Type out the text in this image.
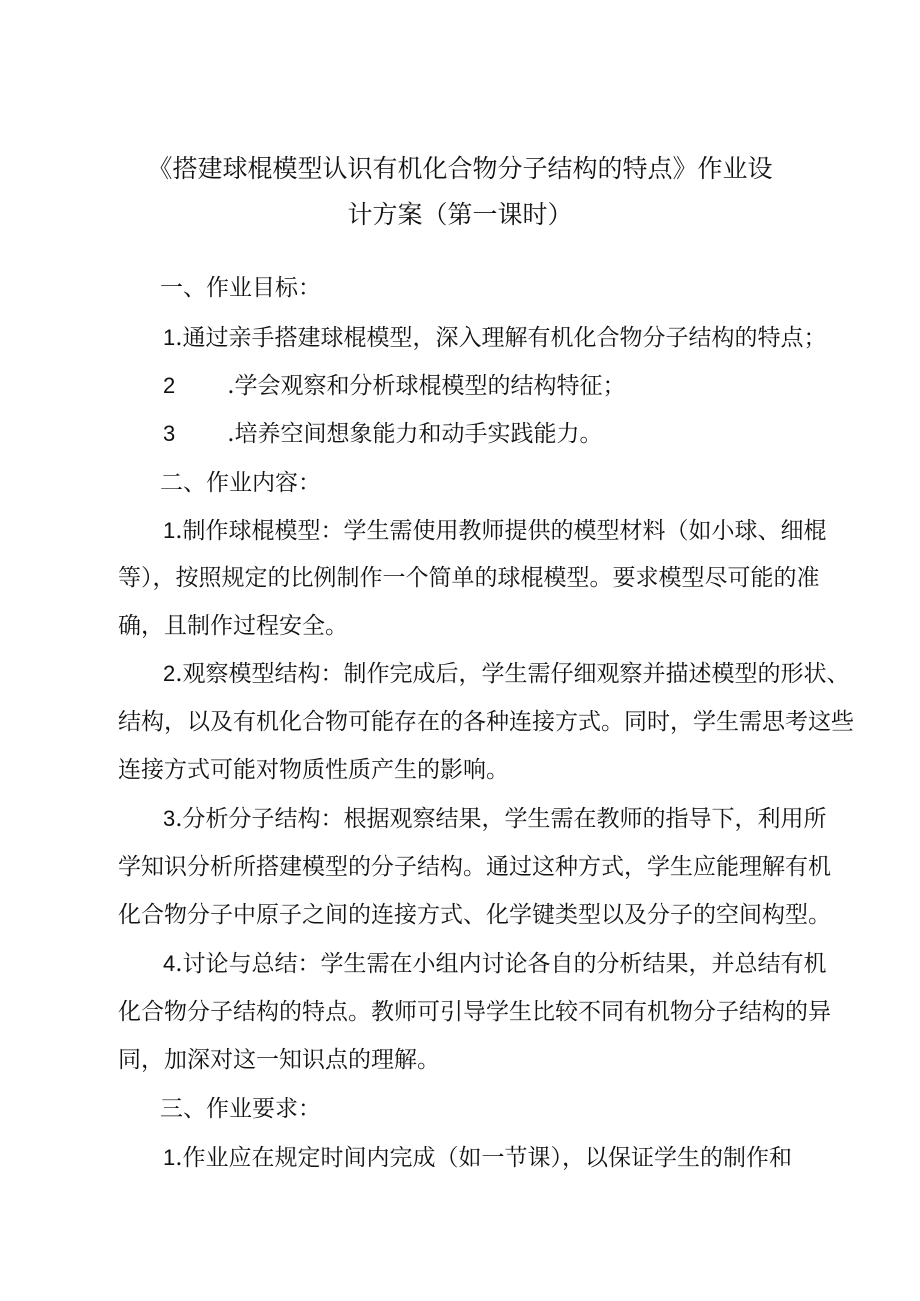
《搭建球棍模型认识有机化合物分子结构的特点》作业设
计方案（第一课时）
一、作业目标：
1.通过亲手搭建球棍模型，深入理解有机化合物分子结构的特点；
2 .学会观察和分析球棍模型的结构特征；
3 .培养空间想象能力和动手实践能力。
二、作业内容：
1.制作球棍模型：学生需使用教师提供的模型材料（如小球、细棍
等），按照规定的比例制作一个简单的球棍模型。要求模型尽可能的准
确，且制作过程安全。
2.观察模型结构：制作完成后，学生需仔细观察并描述模型的形状、
结构，以及有机化合物可能存在的各种连接方式。同时，学生需思考这些
连接方式可能对物质性质产生的影响。
3.分析分子结构：根据观察结果，学生需在教师的指导下，利用所
学知识分析所搭建模型的分子结构。通过这种方式，学生应能理解有机
化合物分子中原子之间的连接方式、化学键类型以及分子的空间构型。
4.讨论与总结：学生需在小组内讨论各自的分析结果，并总结有机
化合物分子结构的特点。教师可引导学生比较不同有机物分子结构的异
同，加深对这一知识点的理解。
三、作业要求：
1.作业应在规定时间内完成（如一节课），以保证学生的制作和
